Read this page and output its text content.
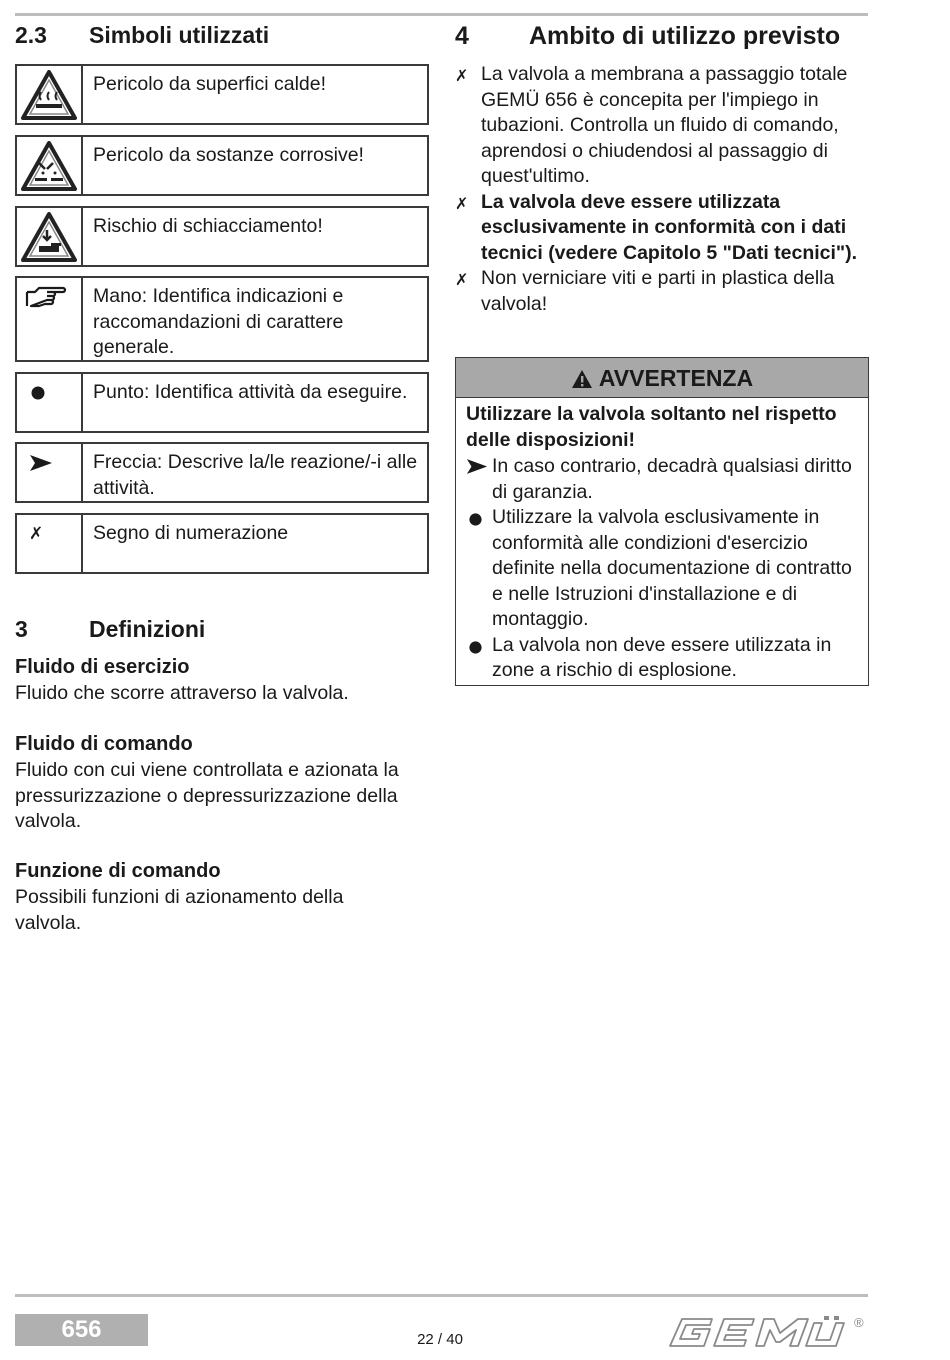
2.3 Simboli utilizzati
Pericolo da superfici calde!
Pericolo da sostanze corrosive!
Rischio di schiacciamento!
Mano: Identifica indicazioni e raccomandazioni di carattere generale.
Punto: Identifica attività da eseguire.
Freccia: Descrive la/le reazione/-i alle attività.
✗	Segno di numerazione
3	Definizioni
Fluido di esercizio
Fluido che scorre attraverso la valvola.
Fluido di comando
Fluido con cui viene controllata e azionata la pressurizzazione o depressurizzazione della valvola.
Funzione di comando
Possibili funzioni di azionamento della valvola.
4 Ambito di utilizzo previsto
✗ La valvola a membrana a passaggio totale GEMÜ 656 è concepita per l'impiego in tubazioni. Controlla un fluido di comando, aprendosi o chiudendosi al passaggio di quest'ultimo.
✗ La valvola deve essere utilizzata esclusivamente in conformità con i dati tecnici (vedere Capitolo 5 "Dati tecnici").
✗ Non verniciare viti e parti in plastica della valvola!
AVVERTENZA
Utilizzare la valvola soltanto nel rispetto delle disposizioni!
In caso contrario, decadrà qualsiasi diritto di garanzia.
Utilizzare la valvola esclusivamente in conformità alle condizioni d'esercizio definite nella documentazione di contratto e nelle Istruzioni d'installazione e di montaggio.
La valvola non deve essere utilizzata in zone a rischio di esplosione.
656	22 / 40
®
